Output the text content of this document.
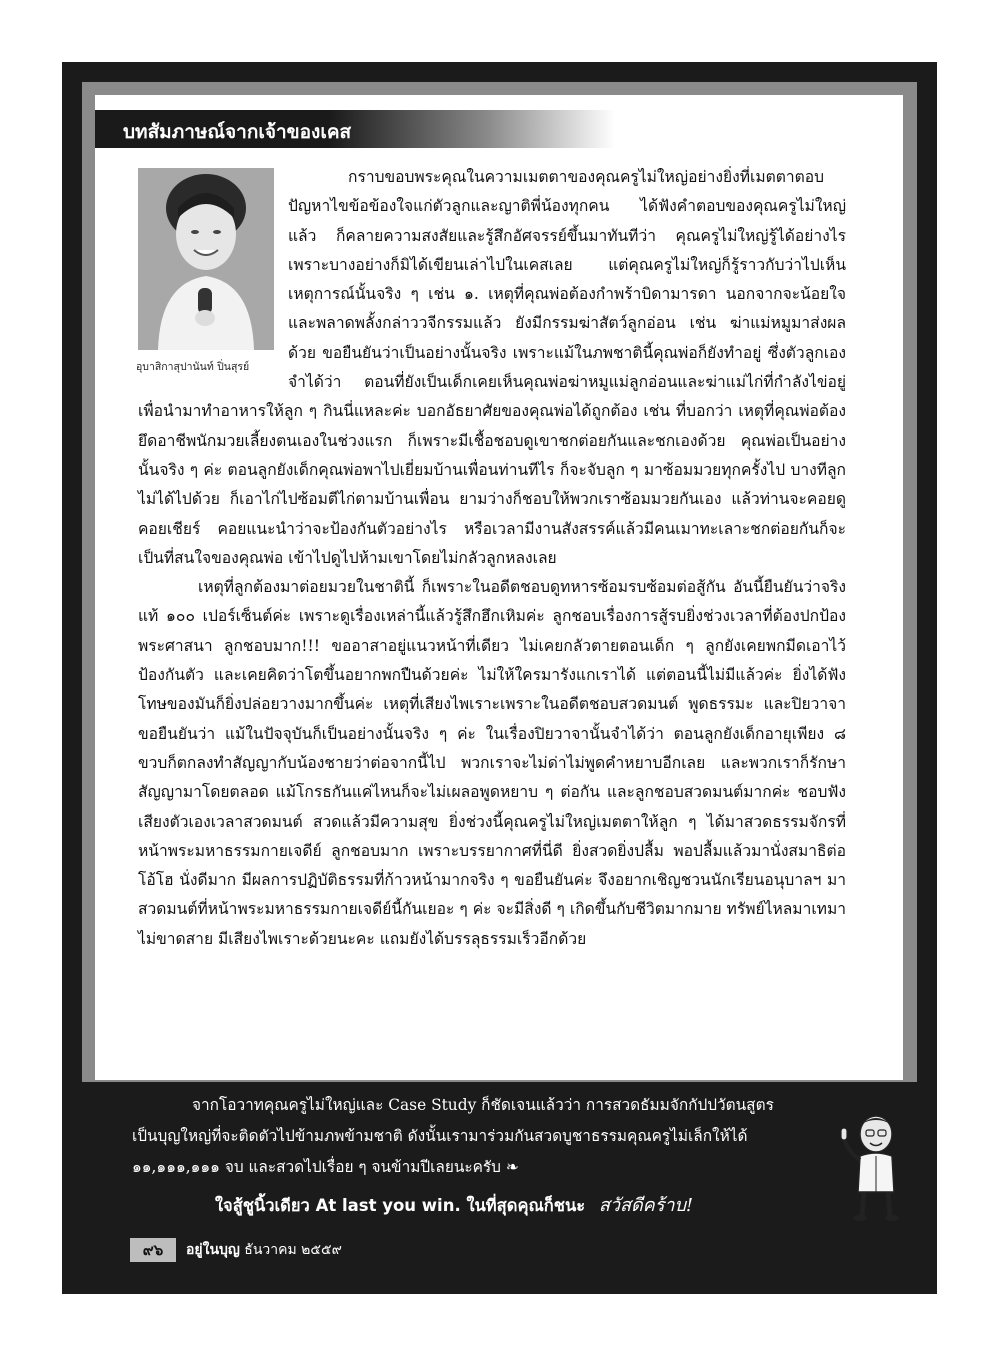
บทสัมภาษณ์จากเจ้าของเคส
อุบาสิกาสุปานันท์ ปิ่นสุรย์

กราบขอบพระคุณในความเมตตาของคุณครูไม่ใหญ่อย่างยิ่งที่เมตตาตอบปัญหาไขข้อข้องใจแก่ตัวลูกและญาติพี่น้องทุกคน ได้ฟังคำตอบของคุณครูไม่ใหญ่แล้ว ก็คลายความสงสัยและรู้สึกอัศจรรย์ขึ้นมาทันทีว่า คุณครูไม่ใหญ่รู้ได้อย่างไร เพราะบางอย่างก็มิได้เขียนเล่าไปในเคสเลย แต่คุณครูไม่ใหญ่ก็รู้ราวกับว่าไปเห็นเหตุการณ์นั้นจริง ๆ เช่น ๑. เหตุที่คุณพ่อต้องกำพร้าบิดามารดา นอกจากจะน้อยใจและพลาดพลั้งกล่าววจีกรรมแล้ว ยังมีกรรมฆ่าสัตว์ลูกอ่อน เช่น ฆ่าแม่หมูมาส่งผลด้วย ขอยืนยันว่าเป็นอย่างนั้นจริง เพราะแม้ในภพชาตินี้คุณพ่อก็ยังทำอยู่ ซึ่งตัวลูกเองจำได้ว่า ตอนที่ยังเป็นเด็กเคยเห็นคุณพ่อฆ่าหมูแม่ลูกอ่อนและฆ่าแม่ไก่ที่กำลังไข่อยู่ เพื่อนำมาทำอาหารให้ลูก ๆ กินนี่แหละค่ะ บอกอัธยาศัยของคุณพ่อได้ถูกต้อง เช่น ที่บอกว่า เหตุที่คุณพ่อต้องยึดอาชีพนักมวยเลี้ยงตนเองในช่วงแรก ก็เพราะมีเชื้อชอบดูเขาชกต่อยกันและชกเองด้วย คุณพ่อเป็นอย่างนั้นจริง ๆ ค่ะ ตอนลูกยังเด็กคุณพ่อพาไปเยี่ยมบ้านเพื่อนท่านทีไร ก็จะจับลูก ๆ มาซ้อมมวยทุกครั้งไป บางทีลูกไม่ได้ไปด้วย ก็เอาไก่ไปซ้อมตีไก่ตามบ้านเพื่อน ยามว่างก็ชอบให้พวกเราซ้อมมวยกันเอง แล้วท่านจะคอยดู คอยเชียร์ คอยแนะนำว่าจะป้องกันตัวอย่างไร หรือเวลามีงานสังสรรค์แล้วมีคนเมาทะเลาะชกต่อยกันก็จะเป็นที่สนใจของคุณพ่อ เข้าไปดูไปห้ามเขาโดยไม่กลัวลูกหลงเลย

เหตุที่ลูกต้องมาต่อยมวยในชาตินี้ ก็เพราะในอดีตชอบดูทหารซ้อมรบซ้อมต่อสู้กัน อันนี้ยืนยันว่าจริงแท้ ๑๐๐ เปอร์เซ็นต์ค่ะ เพราะดูเรื่องเหล่านี้แล้วรู้สึกฮึกเหิมค่ะ ลูกชอบเรื่องการสู้รบยิ่งช่วงเวลาที่ต้องปกป้องพระศาสนา ลูกชอบมาก!!! ขออาสาอยู่แนวหน้าที่เดียว ไม่เคยกลัวตายตอนเด็ก ๆ ลูกยังเคยพกมีดเอาไว้ป้องกันตัว และเคยคิดว่าโตขึ้นอยากพกปืนด้วยค่ะ ไม่ให้ใครมารังแกเราได้ แต่ตอนนี้ไม่มีแล้วค่ะ ยิ่งได้ฟังโทษของมันก็ยิ่งปล่อยวางมากขึ้นค่ะ เหตุที่เสียงไพเราะเพราะในอดีตชอบสวดมนต์ พูดธรรมะ และปิยวาจา ขอยืนยันว่า แม้ในปัจจุบันก็เป็นอย่างนั้นจริง ๆ ค่ะ ในเรื่องปิยวาจานั้นจำได้ว่า ตอนลูกยังเด็กอายุเพียง ๘ ขวบก็ตกลงทำสัญญากับน้องชายว่าต่อจากนี้ไป พวกเราจะไม่ด่าไม่พูดคำหยาบอีกเลย และพวกเราก็รักษาสัญญามาโดยตลอด แม้โกรธกันแค่ไหนก็จะไม่เผลอพูดหยาบ ๆ ต่อกัน และลูกชอบสวดมนต์มากค่ะ ชอบฟังเสียงตัวเองเวลาสวดมนต์ สวดแล้วมีความสุข ยิ่งช่วงนี้คุณครูไม่ใหญ่เมตตาให้ลูก ๆ ได้มาสวดธรรมจักรที่หน้าพระมหาธรรมกายเจดีย์ ลูกชอบมาก เพราะบรรยากาศที่นี่ดี ยิ่งสวดยิ่งปลื้ม พอปลื้มแล้วมานั่งสมาธิต่อโอ้โฮ นั่งดีมาก มีผลการปฏิบัติธรรมที่ก้าวหน้ามากจริง ๆ ขอยืนยันค่ะ จึงอยากเชิญชวนนักเรียนอนุบาลฯ มาสวดมนต์ที่หน้าพระมหาธรรมกายเจดีย์นี้กันเยอะ ๆ ค่ะ จะมีสิ่งดี ๆ เกิดขึ้นกับชีวิตมากมาย ทรัพย์ไหลมาเทมาไม่ขาดสาย มีเสียงไพเราะด้วยนะคะ แถมยังได้บรรลุธรรมเร็วอีกด้วย

จากโอวาทคุณครูไม่ใหญ่และ Case Study ก็ชัดเจนแล้วว่า การสวดธัมมจักกัปปวัตนสูตร

เป็นบุญใหญ่ที่จะติดตัวไปข้ามภพข้ามชาติ ดังนั้นเรามาร่วมกันสวดบูชาธรรมคุณครูไม่เล็กให้ได้

๑๑,๑๑๑,๑๑๑ จบ และสวดไปเรื่อย ๆ จนข้ามปีเลยนะครับ ❧

ใจสู้ชูนิ้วเดียว At last you win. ในที่สุดคุณก็ชนะ สวัสดีคร้าบ!
๙๖	อยู่ในบุญ ธันวาคม ๒๕๕๙
